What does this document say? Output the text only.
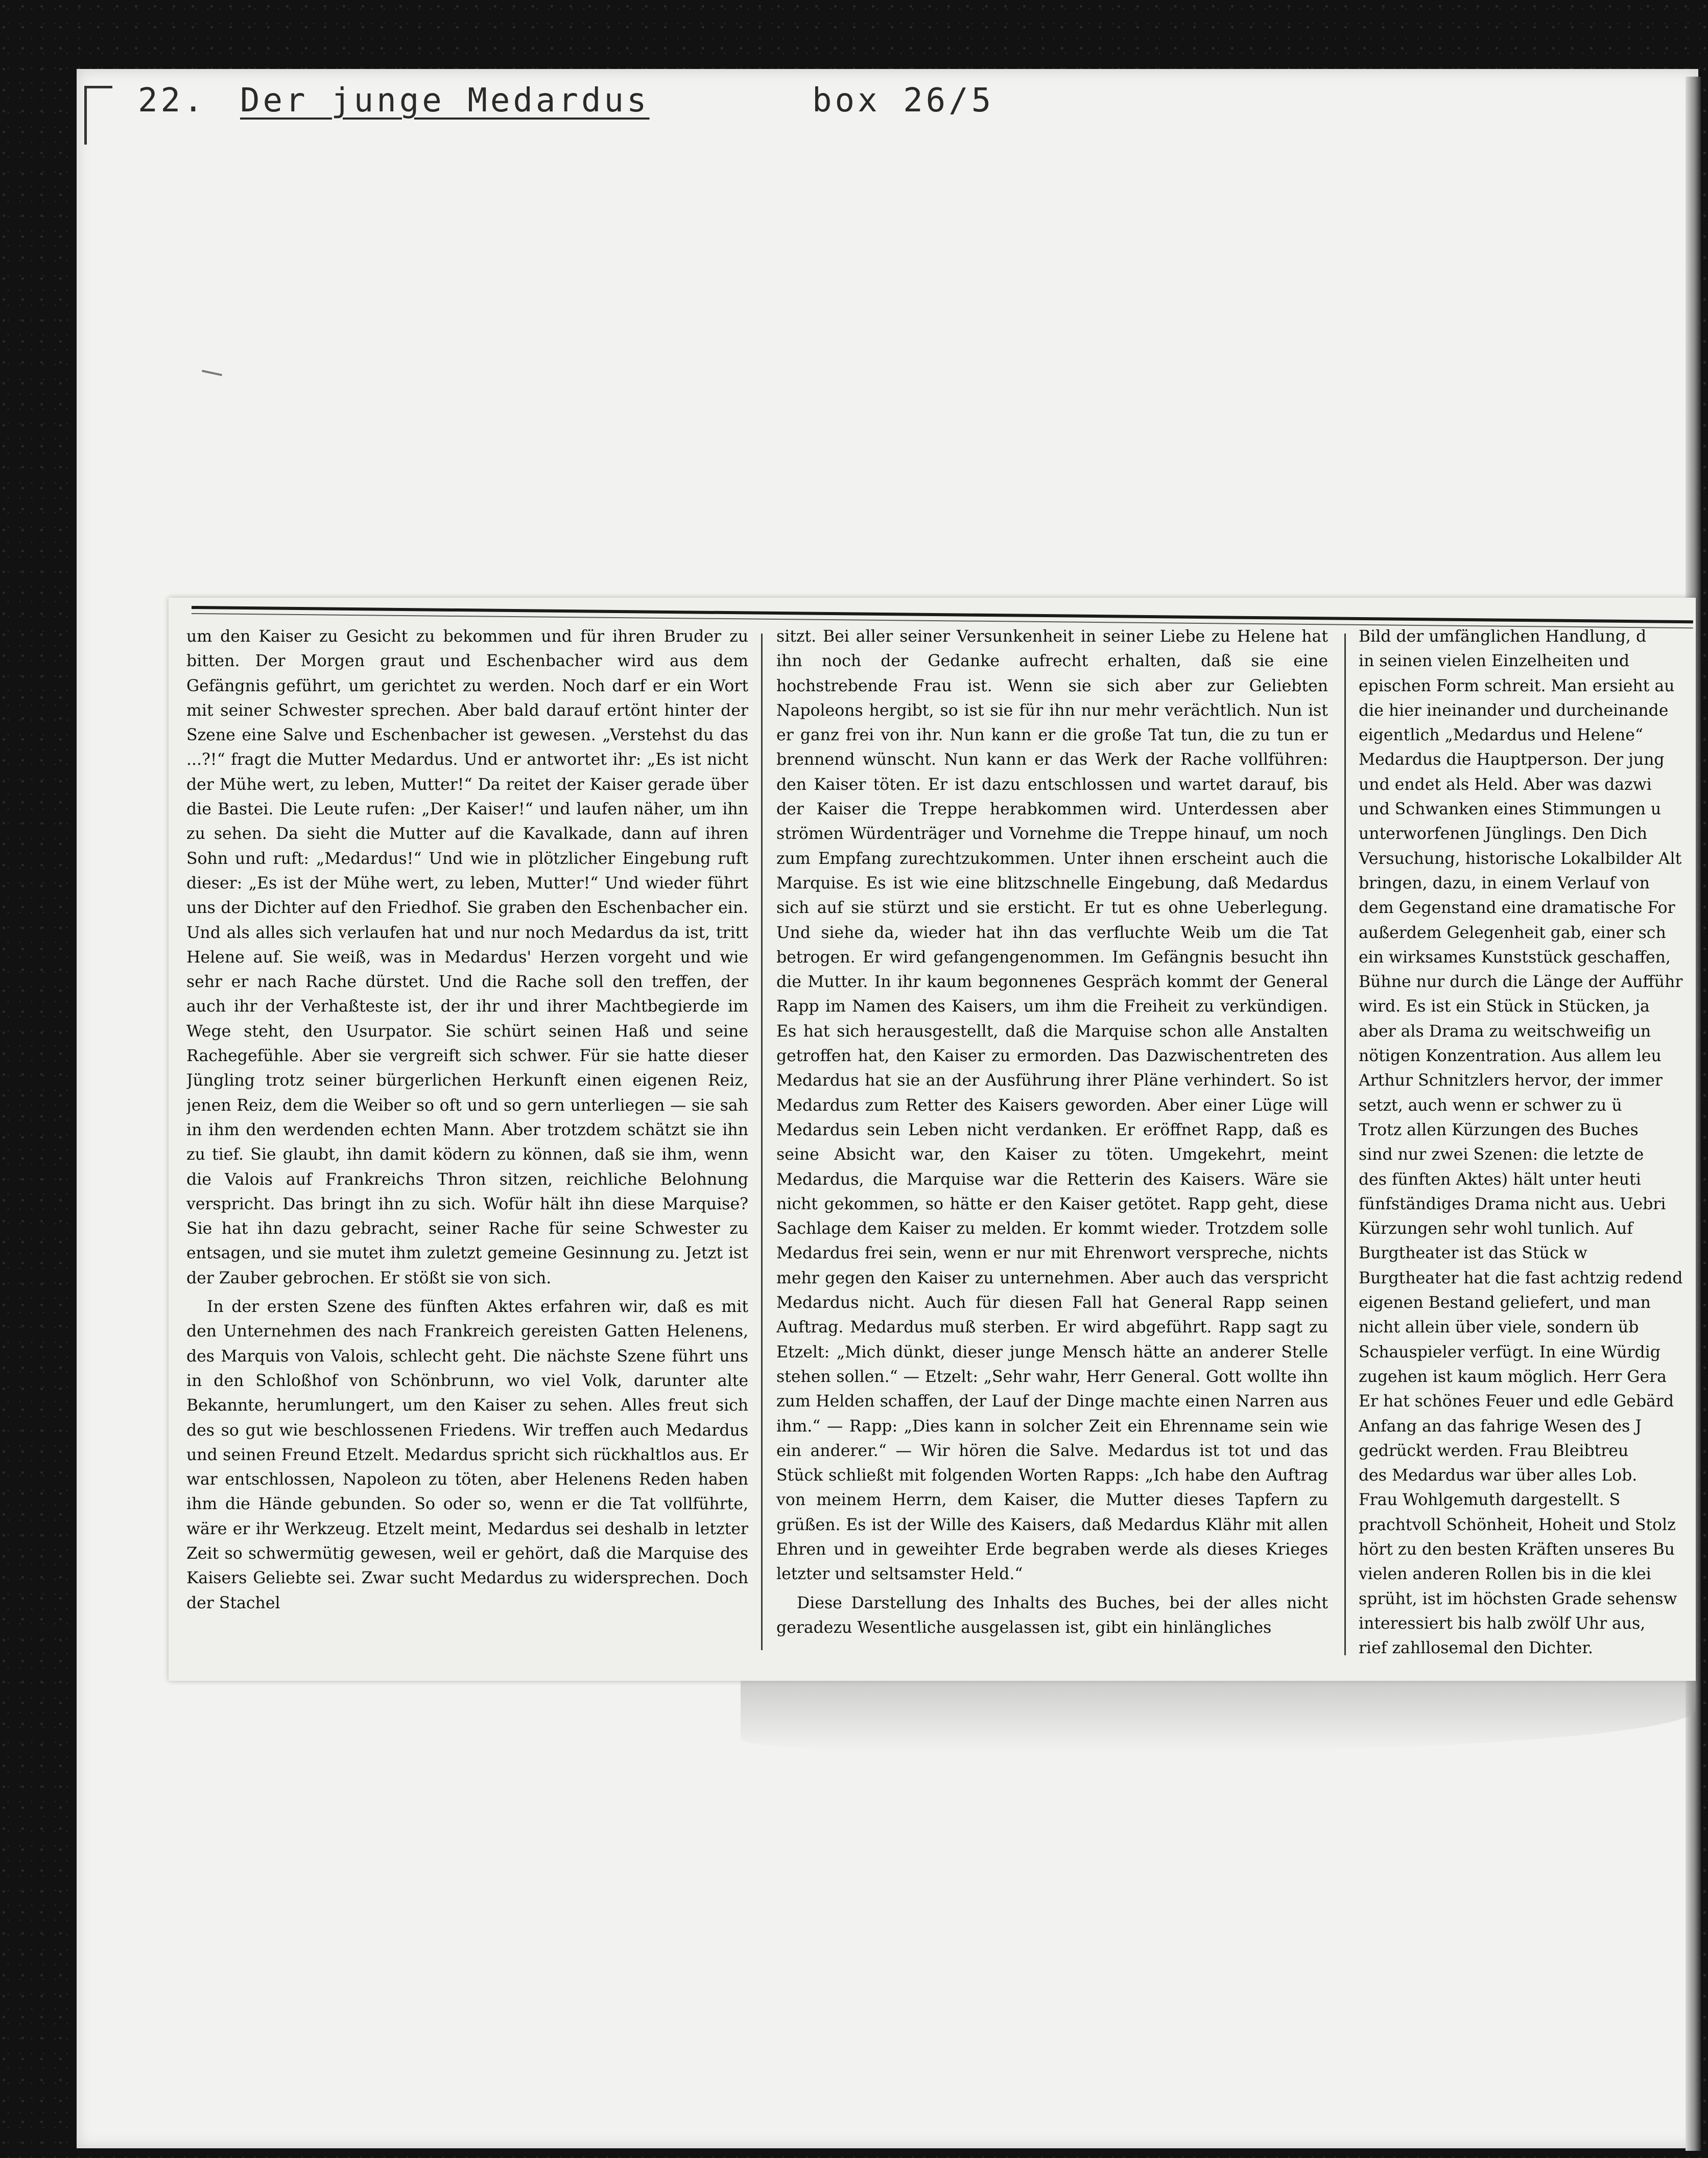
22. Der junge Medardus	box 26/5

um den Kaiser zu Gesicht zu bekommen und für ihren Bruder zu bitten. Der Morgen graut und Eschenbacher wird aus dem Gefängnis geführt, um gerichtet zu werden. Noch darf er ein Wort mit seiner Schwester sprechen. Aber bald darauf ertönt hinter der Szene eine Salve und Eschenbacher ist gewesen. „Verstehst du das ...?!“ fragt die Mutter Medardus. Und er antwortet ihr: „Es ist nicht der Mühe wert, zu leben, Mutter!“ Da reitet der Kaiser gerade über die Bastei. Die Leute rufen: „Der Kaiser!“ und laufen näher, um ihn zu sehen. Da sieht die Mutter auf die Kavalkade, dann auf ihren Sohn und ruft: „Medardus!“ Und wie in plötzlicher Eingebung ruft dieser: „Es ist der Mühe wert, zu leben, Mutter!“ Und wieder führt uns der Dichter auf den Friedhof. Sie graben den Eschenbacher ein. Und als alles sich verlaufen hat und nur noch Medardus da ist, tritt Helene auf. Sie weiß, was in Medardus' Herzen vorgeht und wie sehr er nach Rache dürstet. Und die Rache soll den treffen, der auch ihr der Verhaßteste ist, der ihr und ihrer Machtbegierde im Wege steht, den Usurpator. Sie schürt seinen Haß und seine Rachegefühle. Aber sie vergreift sich schwer. Für sie hatte dieser Jüngling trotz seiner bürgerlichen Herkunft einen eigenen Reiz, jenen Reiz, dem die Weiber so oft und so gern unterliegen — sie sah in ihm den werdenden echten Mann. Aber trotzdem schätzt sie ihn zu tief. Sie glaubt, ihn damit ködern zu können, daß sie ihm, wenn die Valois auf Frankreichs Thron sitzen, reichliche Belohnung verspricht. Das bringt ihn zu sich. Wofür hält ihn diese Marquise? Sie hat ihn dazu gebracht, seiner Rache für seine Schwester zu entsagen, und sie mutet ihm zuletzt gemeine Gesinnung zu. Jetzt ist der Zauber gebrochen. Er stößt sie von sich.

In der ersten Szene des fünften Aktes erfahren wir, daß es mit den Unternehmen des nach Frankreich gereisten Gatten Helenens, des Marquis von Valois, schlecht geht. Die nächste Szene führt uns in den Schloßhof von Schönbrunn, wo viel Volk, darunter alte Bekannte, herumlungert, um den Kaiser zu sehen. Alles freut sich des so gut wie beschlossenen Friedens. Wir treffen auch Medardus und seinen Freund Etzelt. Medardus spricht sich rückhaltlos aus. Er war entschlossen, Napoleon zu töten, aber Helenens Reden haben ihm die Hände gebunden. So oder so, wenn er die Tat vollführte, wäre er ihr Werkzeug. Etzelt meint, Medardus sei deshalb in letzter Zeit so schwermütig gewesen, weil er gehört, daß die Marquise des Kaisers Geliebte sei. Zwar sucht Medardus zu widersprechen. Doch der Stachel

sitzt. Bei aller seiner Versunkenheit in seiner Liebe zu Helene hat ihn noch der Gedanke aufrecht erhalten, daß sie eine hochstrebende Frau ist. Wenn sie sich aber zur Geliebten Napoleons hergibt, so ist sie für ihn nur mehr verächtlich. Nun ist er ganz frei von ihr. Nun kann er die große Tat tun, die zu tun er brennend wünscht. Nun kann er das Werk der Rache vollführen: den Kaiser töten. Er ist dazu entschlossen und wartet darauf, bis der Kaiser die Treppe herabkommen wird. Unterdessen aber strömen Würdenträger und Vornehme die Treppe hinauf, um noch zum Empfang zurechtzukommen. Unter ihnen erscheint auch die Marquise. Es ist wie eine blitzschnelle Eingebung, daß Medardus sich auf sie stürzt und sie ersticht. Er tut es ohne Ueberlegung. Und siehe da, wieder hat ihn das verfluchte Weib um die Tat betrogen. Er wird gefangengenommen. Im Gefängnis besucht ihn die Mutter. In ihr kaum begonnenes Gespräch kommt der General Rapp im Namen des Kaisers, um ihm die Freiheit zu verkündigen. Es hat sich herausgestellt, daß die Marquise schon alle Anstalten getroffen hat, den Kaiser zu ermorden. Das Dazwischentreten des Medardus hat sie an der Ausführung ihrer Pläne verhindert. So ist Medardus zum Retter des Kaisers geworden. Aber einer Lüge will Medardus sein Leben nicht verdanken. Er eröffnet Rapp, daß es seine Absicht war, den Kaiser zu töten. Umgekehrt, meint Medardus, die Marquise war die Retterin des Kaisers. Wäre sie nicht gekommen, so hätte er den Kaiser getötet. Rapp geht, diese Sachlage dem Kaiser zu melden. Er kommt wieder. Trotzdem solle Medardus frei sein, wenn er nur mit Ehrenwort verspreche, nichts mehr gegen den Kaiser zu unternehmen. Aber auch das verspricht Medardus nicht. Auch für diesen Fall hat General Rapp seinen Auftrag. Medardus muß sterben. Er wird abgeführt. Rapp sagt zu Etzelt: „Mich dünkt, dieser junge Mensch hätte an anderer Stelle stehen sollen.“ — Etzelt: „Sehr wahr, Herr General. Gott wollte ihn zum Helden schaffen, der Lauf der Dinge machte einen Narren aus ihm.“ — Rapp: „Dies kann in solcher Zeit ein Ehrenname sein wie ein anderer.“ — Wir hören die Salve. Medardus ist tot und das Stück schließt mit folgenden Worten Rapps: „Ich habe den Auftrag von meinem Herrn, dem Kaiser, die Mutter dieses Tapfern zu grüßen. Es ist der Wille des Kaisers, daß Medardus Klähr mit allen Ehren und in geweihter Erde begraben werde als dieses Krieges letzter und seltsamster Held.“

Diese Darstellung des Inhalts des Buches, bei der alles nicht geradezu Wesentliche ausgelassen ist, gibt ein hinlängliches

Bild der umfänglichen Handlung, d
in seinen vielen Einzelheiten und
epischen Form schreit. Man ersieht au
die hier ineinander und durcheinande
eigentlich „Medardus und Helene“
Medardus die Hauptperson. Der jung
und endet als Held. Aber was dazwi
und Schwanken eines Stimmungen u
unterworfenen Jünglings. Den Dich
Versuchung, historische Lokalbilder Alt
bringen, dazu, in einem Verlauf von
dem Gegenstand eine dramatische For
außerdem Gelegenheit gab, einer sch
ein wirksames Kunststück geschaffen,
Bühne nur durch die Länge der Aufführ
wird. Es ist ein Stück in Stücken, ja
aber als Drama zu weitschweifig un
nötigen Konzentration. Aus allem leu
Arthur Schnitzlers hervor, der immer
setzt, auch wenn er schwer zu ü
Trotz allen Kürzungen des Buches
sind nur zwei Szenen: die letzte de
des fünften Aktes) hält unter heuti
fünfständiges Drama nicht aus. Uebri
Kürzungen sehr wohl tunlich. Auf
Burgtheater ist das Stück w
Burgtheater hat die fast achtzig redend
eigenen Bestand geliefert, und man
nicht allein über viele, sondern üb
Schauspieler verfügt. In eine Würdig
zugehen ist kaum möglich. Herr Gera
Er hat schönes Feuer und edle Gebärd
Anfang an das fahrige Wesen des J
gedrückt werden. Frau Bleibtreu
des Medardus war über alles Lob.
Frau Wohlgemuth dargestellt. S
prachtvoll Schönheit, Hoheit und Stolz
hört zu den besten Kräften unseres Bu
vielen anderen Rollen bis in die klei
sprüht, ist im höchsten Grade sehensw
interessiert bis halb zwölf Uhr aus,
rief zahllosemal den Dichter.
